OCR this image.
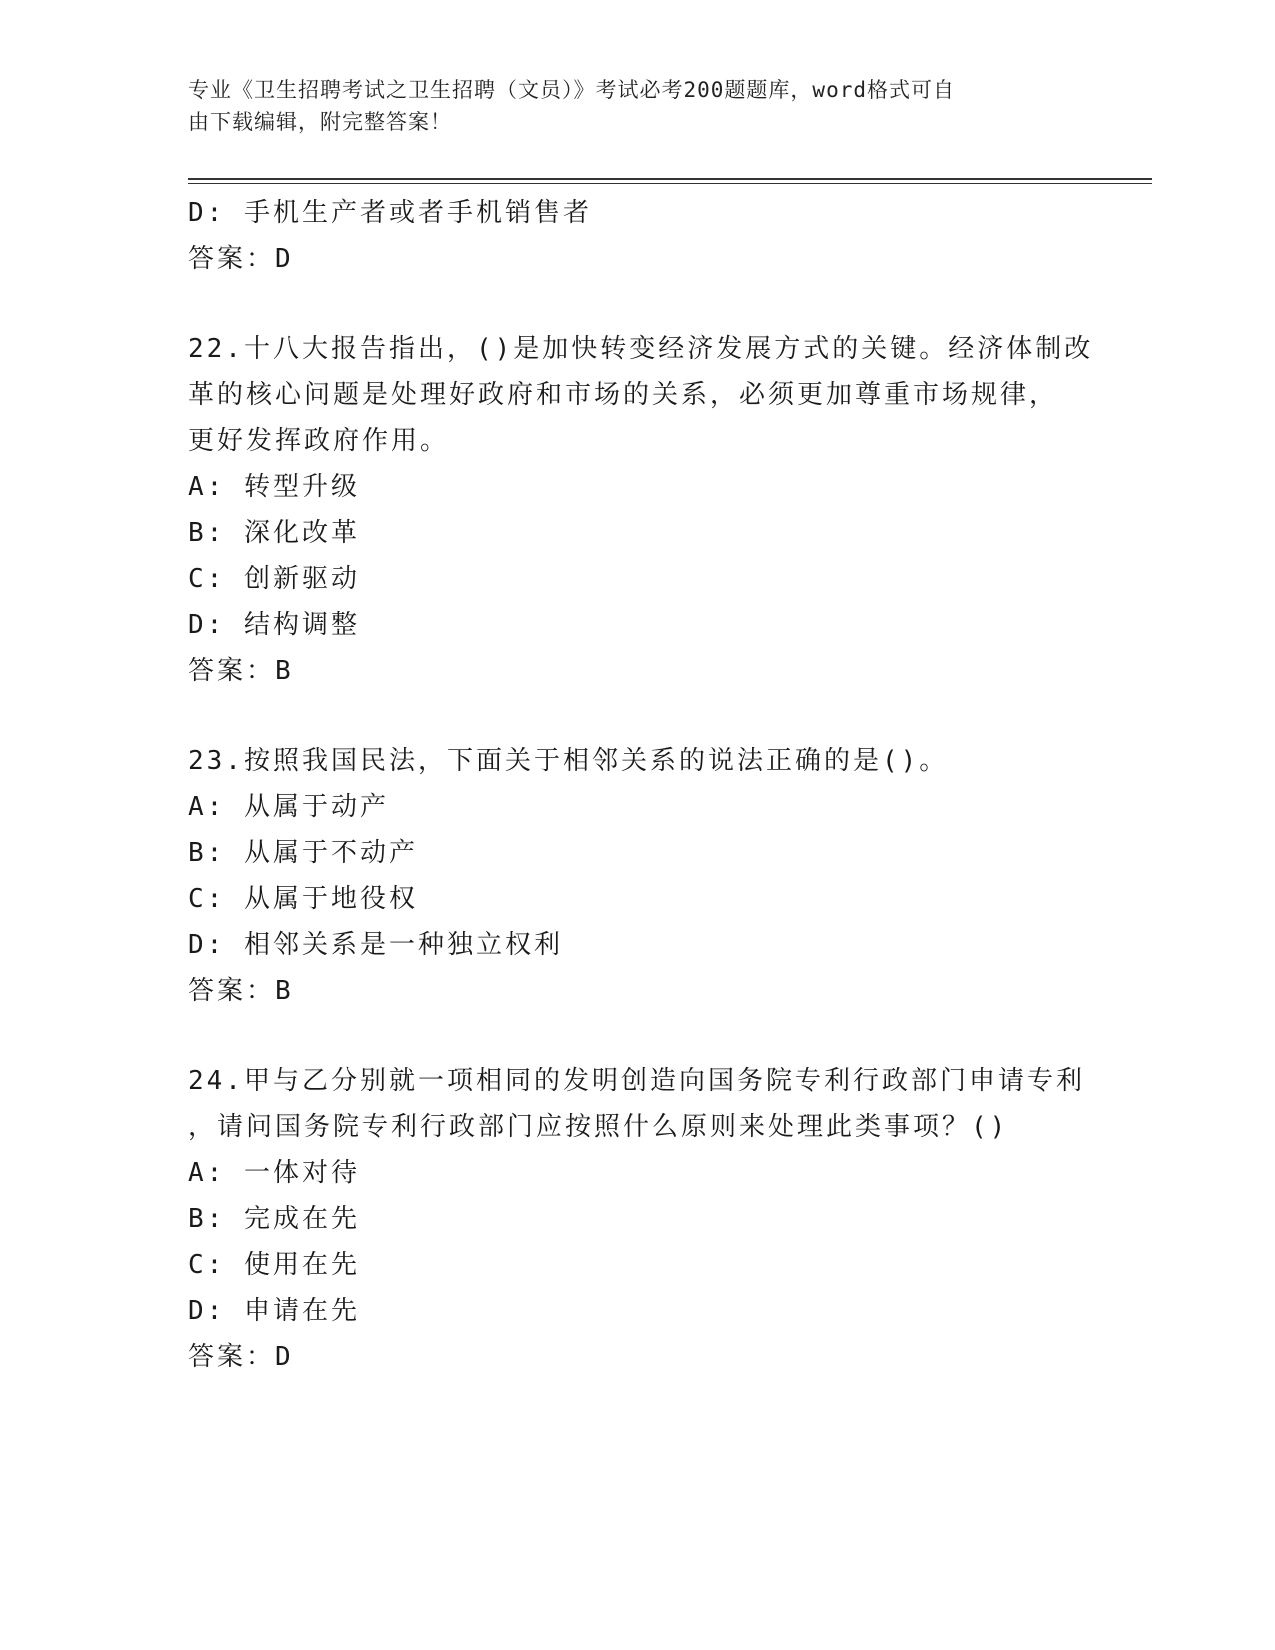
专业《卫生招聘考试之卫生招聘（文员）》考试必考200题题库，word格式可自
由下载编辑，附完整答案！
D: 手机生产者或者手机销售者
答案：D
22.十八大报告指出，()是加快转变经济发展方式的关键。经济体制改
革的核心问题是处理好政府和市场的关系，必须更加尊重市场规律，
更好发挥政府作用。
A: 转型升级
B: 深化改革
C: 创新驱动
D: 结构调整
答案：B
23.按照我国民法，下面关于相邻关系的说法正确的是()。
A: 从属于动产
B: 从属于不动产
C: 从属于地役权
D: 相邻关系是一种独立权利
答案：B
24.甲与乙分别就一项相同的发明创造向国务院专利行政部门申请专利
，请问国务院专利行政部门应按照什么原则来处理此类事项？()
A: 一体对待
B: 完成在先
C: 使用在先
D: 申请在先
答案：D
